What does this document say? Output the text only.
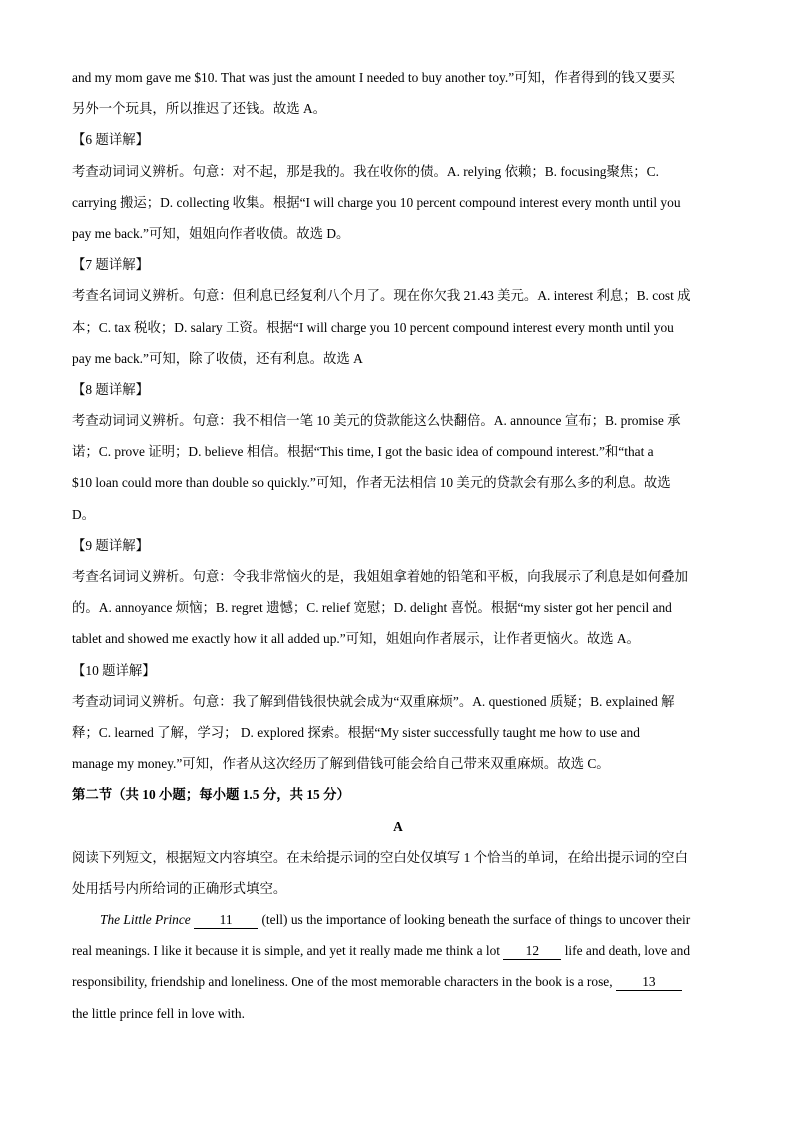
and my mom gave me $10. That was just the amount I needed to buy another toy.”可知，作者得到的钱又要买
另外一个玩具，所以推迟了还钱。故选 A。
【6 题详解】
考查动词词义辨析。句意：对不起，那是我的。我在收你的债。A. relying 依赖；B. focusing聚焦；C.
carrying 搬运；D. collecting 收集。根据“I will charge you 10 percent compound interest every month until you
pay me back.”可知，姐姐向作者收债。故选 D。
【7 题详解】
考查名词词义辨析。句意：但利息已经复利八个月了。现在你欠我 21.43 美元。A. interest 利息；B. cost 成
本；C. tax 税收；D. salary 工资。根据“I will charge you 10 percent compound interest every month until you
pay me back.”可知，除了收债，还有利息。故选 A
【8 题详解】
考查动词词义辨析。句意：我不相信一笔 10 美元的贷款能这么快翻倍。A. announce 宣布；B. promise 承
诺；C. prove 证明；D. believe 相信。根据“This time, I got the basic idea of compound interest.”和“that a
$10 loan could more than double so quickly.”可知，作者无法相信 10 美元的贷款会有那么多的利息。故选
D。
【9 题详解】
考查名词词义辨析。句意：令我非常恼火的是，我姐姐拿着她的铅笔和平板，向我展示了利息是如何叠加
的。A. annoyance 烦恼；B. regret 遗憾；C. relief 宽慰；D. delight 喜悦。根据“my sister got her pencil and
tablet and showed me exactly how it all added up.”可知，姐姐向作者展示，让作者更恼火。故选 A。
【10 题详解】
考查动词词义辨析。句意：我了解到借钱很快就会成为“双重麻烦”。A. questioned 质疑；B. explained 解
释；C. learned 了解，学习； D. explored 探索。根据“My sister successfully taught me how to use and
manage my money.”可知，作者从这次经历了解到借钱可能会给自己带来双重麻烦。故选 C。
第二节（共 10 小题；每小题 1.5 分，共 15 分）
A
阅读下列短文，根据短文内容填空。在未给提示词的空白处仅填写 1 个恰当的单词，在给出提示词的空白
处用括号内所给词的正确形式填空。
The Little Prince 11 (tell) us the importance of looking beneath the surface of things to uncover their
real meanings. I like it because it is simple, and yet it really made me think a lot 12 life and death, love and
responsibility, friendship and loneliness. One of the most memorable characters in the book is a rose, 13
the little prince fell in love with.
